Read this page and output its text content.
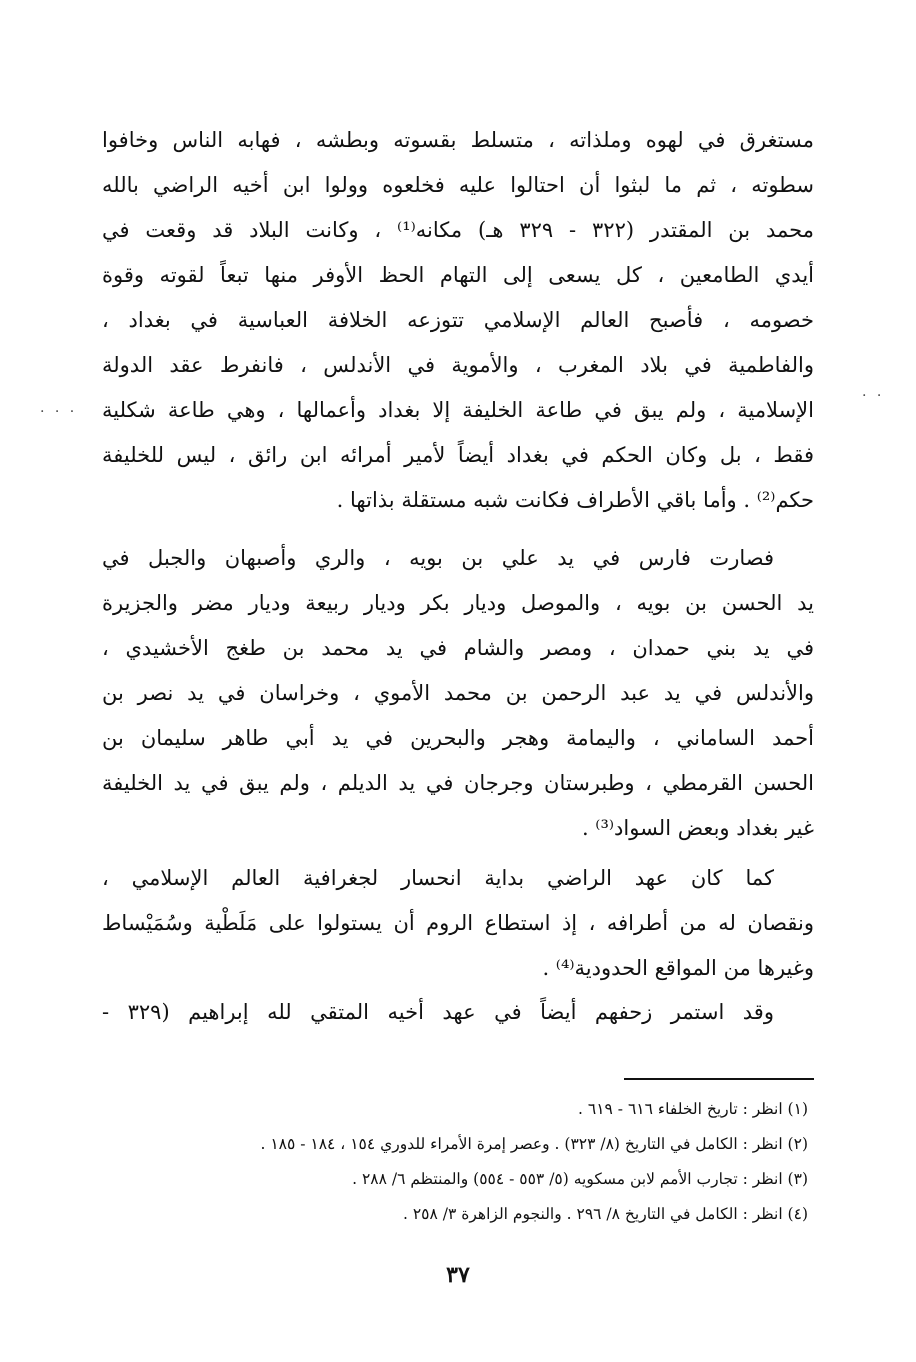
. . .
. .
مستغرق في لهوه وملذاته ، متسلط بقسوته وبطشه ، فهابه الناس وخافوا
سطوته ، ثم ما لبثوا أن احتالوا عليه فخلعوه وولوا ابن أخيه الراضي بالله
محمد بن المقتدر (٣٢٢ - ٣٢٩ هـ) مكانه⁽¹⁾ ، وكانت البلاد قد وقعت في
أيدي الطامعين ، كل يسعى إلى التهام الحظ الأوفر منها تبعاً لقوته وقوة
خصومه ، فأصبح العالم الإسلامي تتوزعه الخلافة العباسية في بغداد ،
والفاطمية في بلاد المغرب ، والأموية في الأندلس ، فانفرط عقد الدولة
الإسلامية ، ولم يبق في طاعة الخليفة إلا بغداد وأعمالها ، وهي طاعة شكلية
فقط ، بل وكان الحكم في بغداد أيضاً لأمير أمرائه ابن رائق ، ليس للخليفة
حكم⁽²⁾ . وأما باقي الأطراف فكانت شبه مستقلة بذاتها .
فصارت فارس في يد علي بن بويه ، والري وأصبهان والجبل في
يد الحسن بن بويه ، والموصل وديار بكر وديار ربيعة وديار مضر والجزيرة
في يد بني حمدان ، ومصر والشام في يد محمد بن طغج الأخشيدي ،
والأندلس في يد عبد الرحمن بن محمد الأموي ، وخراسان في يد نصر بن
أحمد الساماني ، واليمامة وهجر والبحرين في يد أبي طاهر سليمان بن
الحسن القرمطي ، وطبرستان وجرجان في يد الديلم ، ولم يبق في يد الخليفة
غير بغداد وبعض السواد⁽³⁾ .
كما كان عهد الراضي بداية انحسار لجغرافية العالم الإسلامي ،
ونقصان له من أطرافه ، إذ استطاع الروم أن يستولوا على مَلَطْية وسُمَيْساط
وغيرها من المواقع الحدودية⁽⁴⁾ .
وقد استمر زحفهم أيضاً في عهد أخيه المتقي لله إبراهيم (٣٢٩ -
(١) انظر : تاريخ الخلفاء ٦١٦ - ٦١٩ .
(٢) انظر : الكامل في التاريخ (٨/ ٣٢٣) . وعصر إمرة الأمراء للدوري ١٥٤ ، ١٨٤ - ١٨٥ .
(٣) انظر : تجارب الأمم لابن مسكويه (٥/ ٥٥٣ - ٥٥٤) والمنتظم ٦/ ٢٨٨ .
(٤) انظر : الكامل في التاريخ ٨/ ٢٩٦ . والنجوم الزاهرة ٣/ ٢٥٨ .
٣٧
